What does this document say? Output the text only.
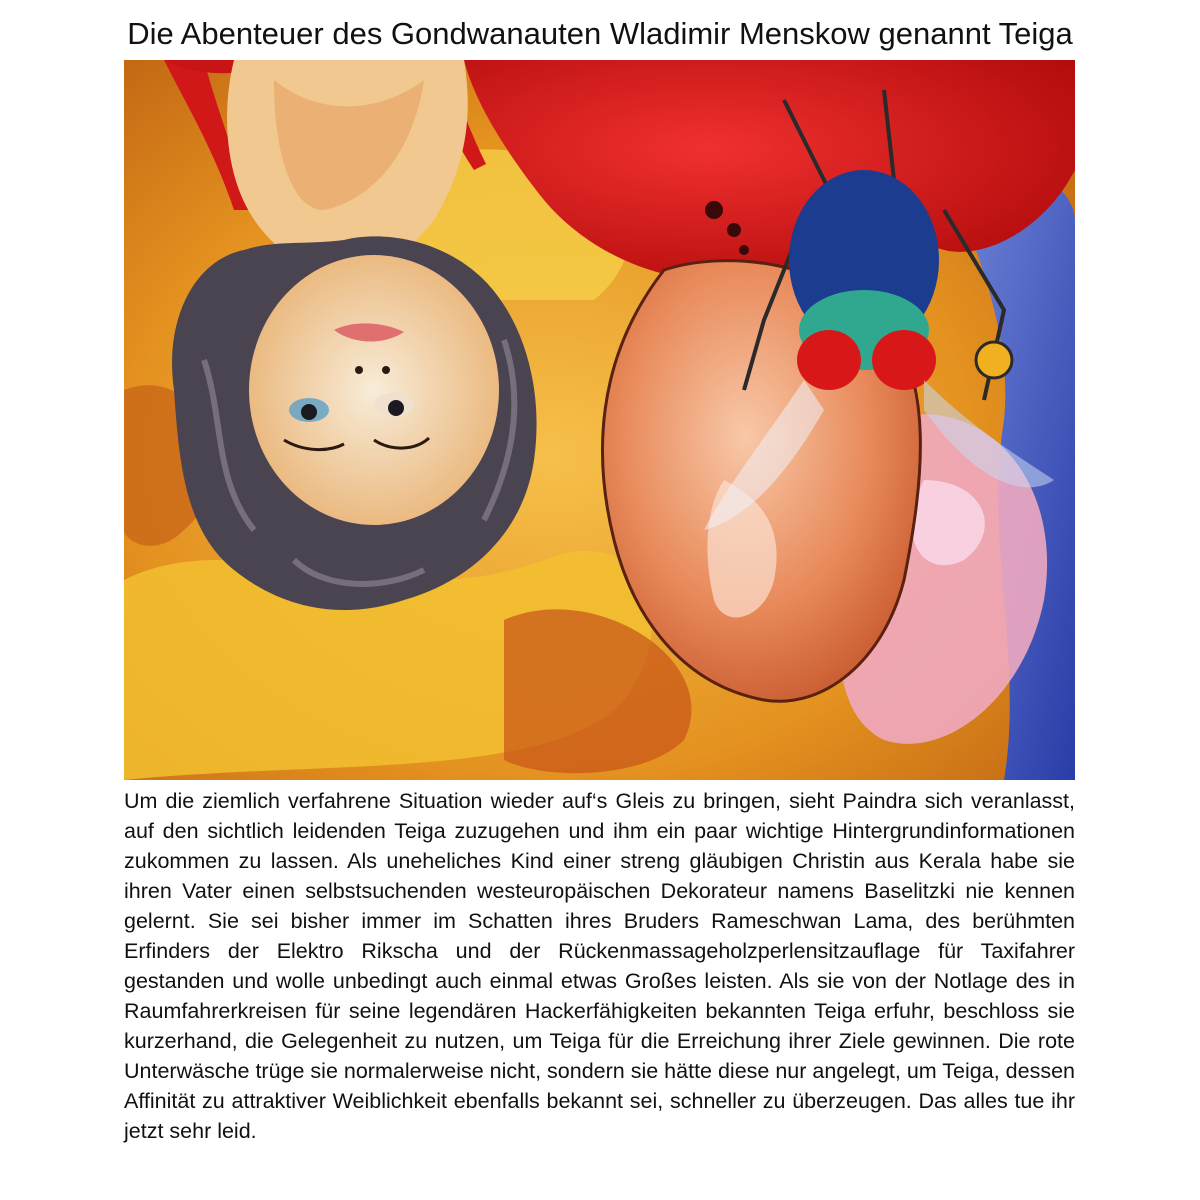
Die Abenteuer des Gondwanauten Wladimir Menskow genannt Teiga
Um die ziemlich verfahrene Situation wieder auf‘s Gleis zu bringen, sieht Paindra sich veranlasst, auf den sichtlich leidenden Teiga zuzugehen und ihm ein paar wichtige Hintergrundinformationen zukommen zu lassen. Als uneheliches Kind einer streng gläubigen Christin aus Kerala habe sie ihren Vater einen selbstsuchenden westeuropäischen Dekorateur namens Baselitzki nie kennen gelernt. Sie sei bisher immer im Schatten ihres Bruders Rameschwan Lama, des berühmten Erfinders der Elektro Rikscha und der Rückenmassageholzperlensitzauflage für Taxifahrer gestanden und wolle unbedingt auch einmal etwas Großes leisten. Als sie von der Notlage des in Raumfahrerkreisen für seine legendären Hackerfähigkeiten bekannten Teiga erfuhr, beschloss sie kurzerhand, die Gelegenheit zu nutzen, um Teiga für die Erreichung ihrer Ziele gewinnen. Die rote Unterwäsche trüge sie normalerweise nicht, sondern sie hätte diese nur angelegt, um Teiga, dessen Affinität zu attraktiver Weiblichkeit ebenfalls bekannt sei, schneller zu überzeugen. Das alles tue ihr jetzt sehr leid.
